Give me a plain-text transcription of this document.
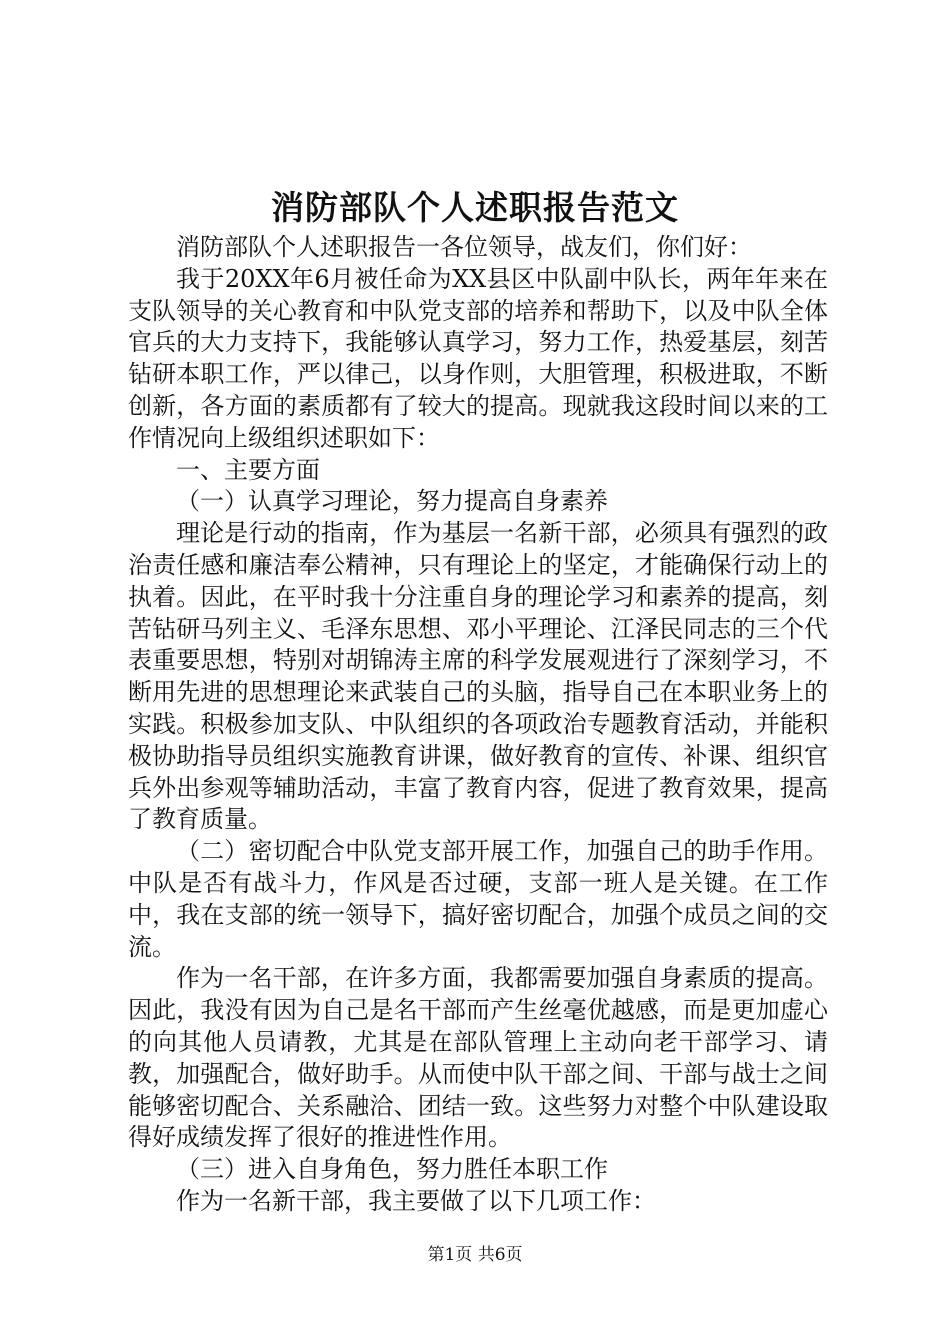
消防部队个人述职报告范文

消防部队个人述职报告一各位领导，战友们，你们好：

我于20XX年6月被任命为XX县区中队副中队长，两年年来在支队领导的关心教育和中队党支部的培养和帮助下，以及中队全体官兵的大力支持下，我能够认真学习，努力工作，热爱基层，刻苦钻研本职工作，严以律己，以身作则，大胆管理，积极进取，不断创新，各方面的素质都有了较大的提高。现就我这段时间以来的工作情况向上级组织述职如下：

一、主要方面

（一）认真学习理论，努力提高自身素养

理论是行动的指南，作为基层一名新干部，必须具有强烈的政治责任感和廉洁奉公精神，只有理论上的坚定，才能确保行动上的执着。因此，在平时我十分注重自身的理论学习和素养的提高，刻苦钻研马列主义、毛泽东思想、邓小平理论、江泽民同志的三个代表重要思想，特别对胡锦涛主席的科学发展观进行了深刻学习，不断用先进的思想理论来武装自己的头脑，指导自己在本职业务上的实践。积极参加支队、中队组织的各项政治专题教育活动，并能积极协助指导员组织实施教育讲课，做好教育的宣传、补课、组织官兵外出参观等辅助活动，丰富了教育内容，促进了教育效果，提高了教育质量。

（二）密切配合中队党支部开展工作，加强自己的助手作用。中队是否有战斗力，作风是否过硬，支部一班人是关键。在工作中，我在支部的统一领导下，搞好密切配合，加强个成员之间的交流。

作为一名干部，在许多方面，我都需要加强自身素质的提高。因此，我没有因为自己是名干部而产生丝毫优越感，而是更加虚心的向其他人员请教，尤其是在部队管理上主动向老干部学习、请教，加强配合，做好助手。从而使中队干部之间、干部与战士之间能够密切配合、关系融洽、团结一致。这些努力对整个中队建设取得好成绩发挥了很好的推进性作用。

（三）进入自身角色，努力胜任本职工作

作为一名新干部，我主要做了以下几项工作：

第1页 共6页
